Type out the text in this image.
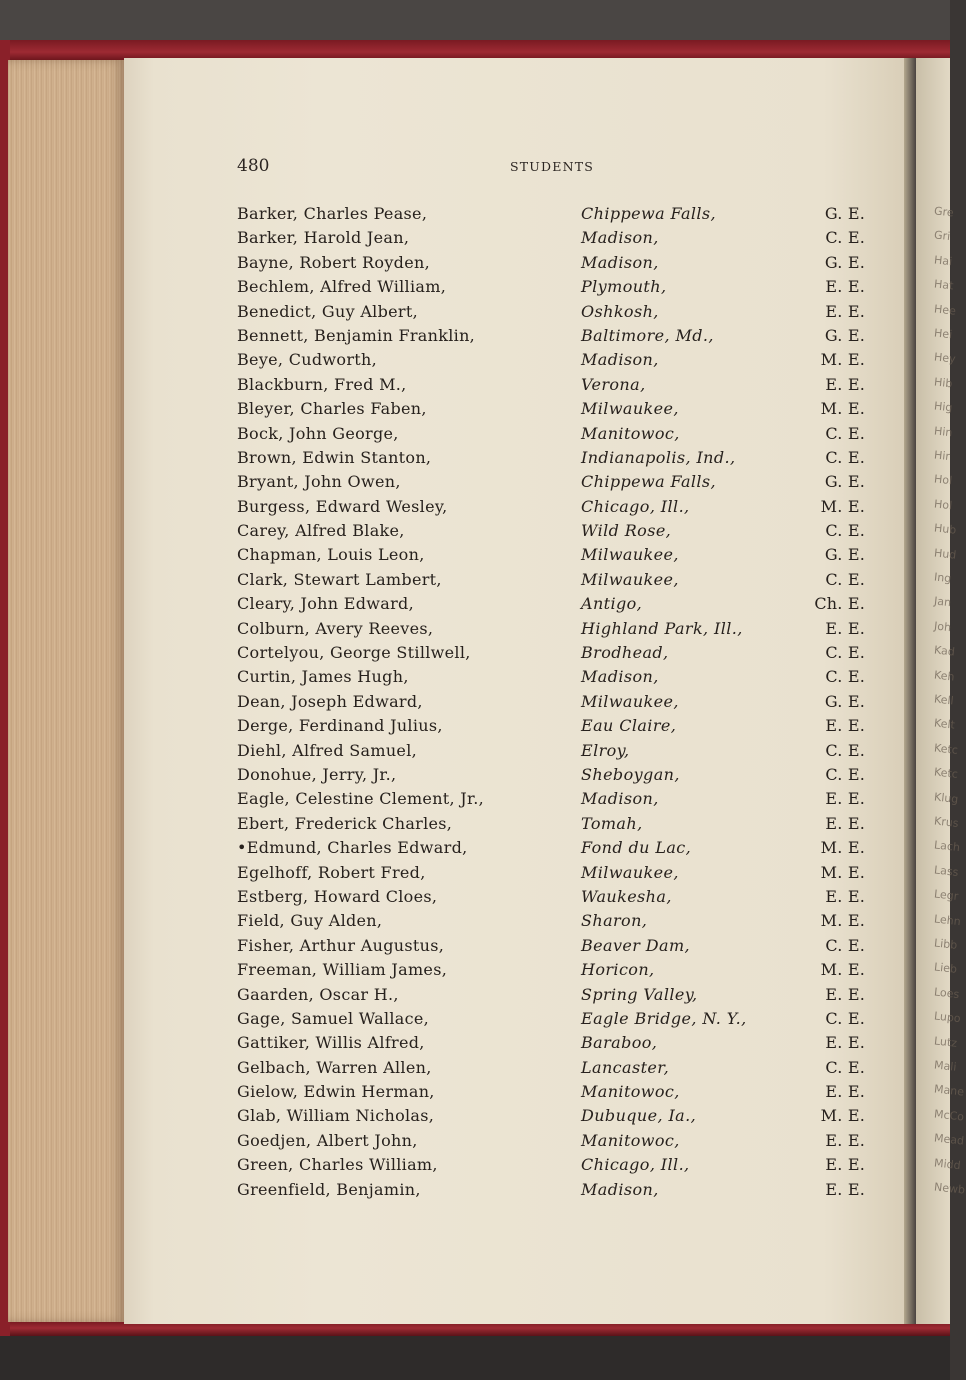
Gre
Gri
Hai
Hat
Hee
Hei
Hey
Hib
Hig
Hin
Hir
Hol
Hol
Hub
Hud
Ing
Jan
Joh
Kad
Keh
Kell
Kelt
Ketc
Ketc
Klug
Krus
Lach
Lass
Legr
Lehn
Libb
Lieb
Loes
Lupo
Lutz
Mali
Mane
McCo
Mead
Midd
Newb
480	STUDENTS
Barker, Charles Pease,	Chippewa Falls,	G. E.
Barker, Harold Jean,	Madison,	C. E.
Bayne, Robert Royden,	Madison,	G. E.
Bechlem, Alfred William,	Plymouth,	E. E.
Benedict, Guy Albert,	Oshkosh,	E. E.
Bennett, Benjamin Franklin,	Baltimore, Md.,	G. E.
Beye, Cudworth,	Madison,	M. E.
Blackburn, Fred M.,	Verona,	E. E.
Bleyer, Charles Faben,	Milwaukee,	M. E.
Bock, John George,	Manitowoc,	C. E.
Brown, Edwin Stanton,	Indianapolis, Ind.,	C. E.
Bryant, John Owen,	Chippewa Falls,	G. E.
Burgess, Edward Wesley,	Chicago, Ill.,	M. E.
Carey, Alfred Blake,	Wild Rose,	C. E.
Chapman, Louis Leon,	Milwaukee,	G. E.
Clark, Stewart Lambert,	Milwaukee,	C. E.
Cleary, John Edward,	Antigo,	Ch. E.
Colburn, Avery Reeves,	Highland Park, Ill.,	E. E.
Cortelyou, George Stillwell,	Brodhead,	C. E.
Curtin, James Hugh,	Madison,	C. E.
Dean, Joseph Edward,	Milwaukee,	G. E.
Derge, Ferdinand Julius,	Eau Claire,	E. E.
Diehl, Alfred Samuel,	Elroy,	C. E.
Donohue, Jerry, Jr.,	Sheboygan,	C. E.
Eagle, Celestine Clement, Jr.,	Madison,	E. E.
Ebert, Frederick Charles,	Tomah,	E. E.
•Edmund, Charles Edward,	Fond du Lac,	M. E.
Egelhoff, Robert Fred,	Milwaukee,	M. E.
Estberg, Howard Cloes,	Waukesha,	E. E.
Field, Guy Alden,	Sharon,	M. E.
Fisher, Arthur Augustus,	Beaver Dam,	C. E.
Freeman, William James,	Horicon,	M. E.
Gaarden, Oscar H.,	Spring Valley,	E. E.
Gage, Samuel Wallace,	Eagle Bridge, N. Y.,	C. E.
Gattiker, Willis Alfred,	Baraboo,	E. E.
Gelbach, Warren Allen,	Lancaster,	C. E.
Gielow, Edwin Herman,	Manitowoc,	E. E.
Glab, William Nicholas,	Dubuque, Ia.,	M. E.
Goedjen, Albert John,	Manitowoc,	E. E.
Green, Charles William,	Chicago, Ill.,	E. E.
Greenfield, Benjamin,	Madison,	E. E.
